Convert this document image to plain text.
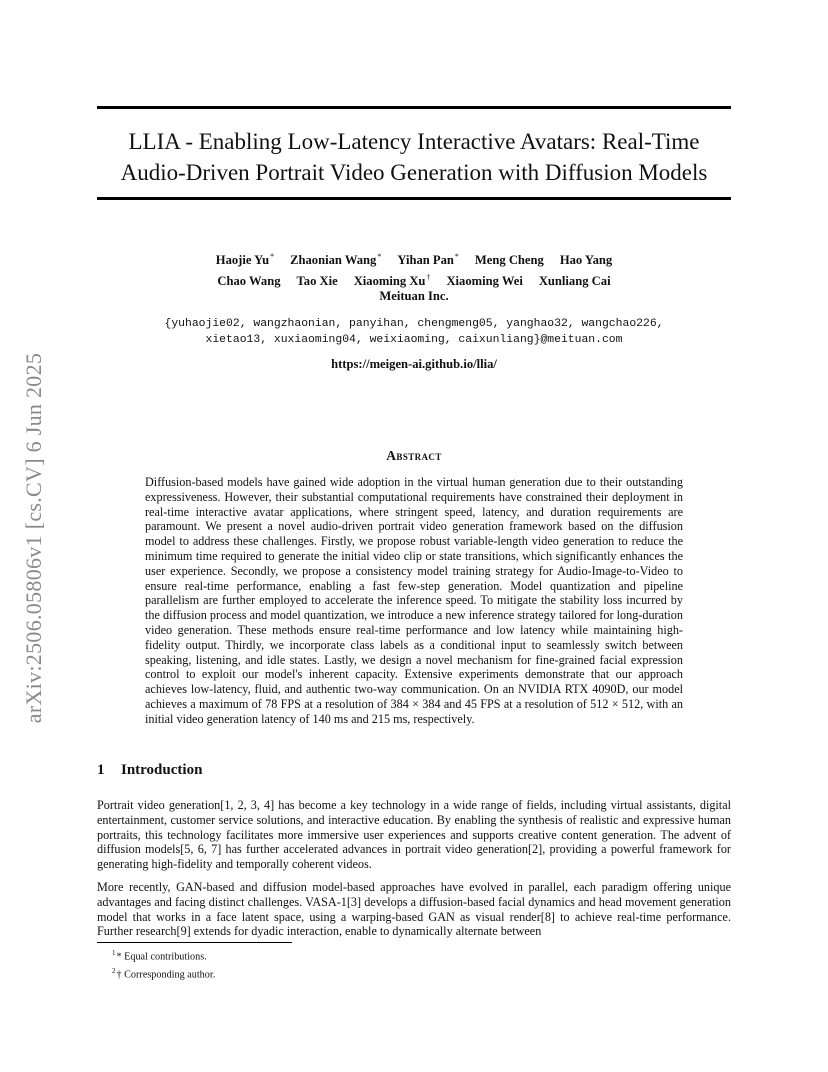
arXiv:2506.05806v1 [cs.CV] 6 Jun 2025
LLIA - Enabling Low-Latency Interactive Avatars: Real-Time
Audio-Driven Portrait Video Generation with Diffusion Models
Haojie Yu* Zhaonian Wang* Yihan Pan* Meng Cheng Hao Yang
Chao Wang Tao Xie Xiaoming Xu† Xiaoming Wei Xunliang Cai
Meituan Inc.
{yuhaojie02, wangzhaonian, panyihan, chengmeng05, yanghao32, wangchao226,
xietao13, xuxiaoming04, weixiaoming, caixunliang}@meituan.com
https://meigen-ai.github.io/llia/
Abstract

Diffusion-based models have gained wide adoption in the virtual human generation due to their outstanding expressiveness. However, their substantial computational requirements have constrained their deployment in real-time interactive avatar applications, where stringent speed, latency, and duration requirements are paramount. We present a novel audio-driven portrait video generation framework based on the diffusion model to address these challenges. Firstly, we propose robust variable-length video generation to reduce the minimum time required to generate the initial video clip or state transitions, which significantly enhances the user experience. Secondly, we propose a consistency model training strategy for Audio-Image-to-Video to ensure real-time performance, enabling a fast few-step generation. Model quantization and pipeline parallelism are further employed to accelerate the inference speed. To mitigate the stability loss incurred by the diffusion process and model quantization, we introduce a new inference strategy tailored for long-duration video generation. These methods ensure real-time performance and low latency while maintaining high-fidelity output. Thirdly, we incorporate class labels as a conditional input to seamlessly switch between speaking, listening, and idle states. Lastly, we design a novel mechanism for fine-grained facial expression control to exploit our model's inherent capacity. Extensive experiments demonstrate that our approach achieves low-latency, fluid, and authentic two-way communication. On an NVIDIA RTX 4090D, our model achieves a maximum of 78 FPS at a resolution of 384 × 384 and 45 FPS at a resolution of 512 × 512, with an initial video generation latency of 140 ms and 215 ms, respectively.

1 Introduction

Portrait video generation[1, 2, 3, 4] has become a key technology in a wide range of fields, including virtual assistants, digital entertainment, customer service solutions, and interactive education. By enabling the synthesis of realistic and expressive human portraits, this technology facilitates more immersive user experiences and supports creative content generation. The advent of diffusion models[5, 6, 7] has further accelerated advances in portrait video generation[2], providing a powerful framework for generating high-fidelity and temporally coherent videos.

More recently, GAN-based and diffusion model-based approaches have evolved in parallel, each paradigm offering unique advantages and facing distinct challenges. VASA-1[3] develops a diffusion-based facial dynamics and head movement generation model that works in a face latent space, using a warping-based GAN as visual render[8] to achieve real-time performance. Further research[9] extends for dyadic interaction, enable to dynamically alternate between

$^1$* Equal contributions.
$^2$† Corresponding author.
